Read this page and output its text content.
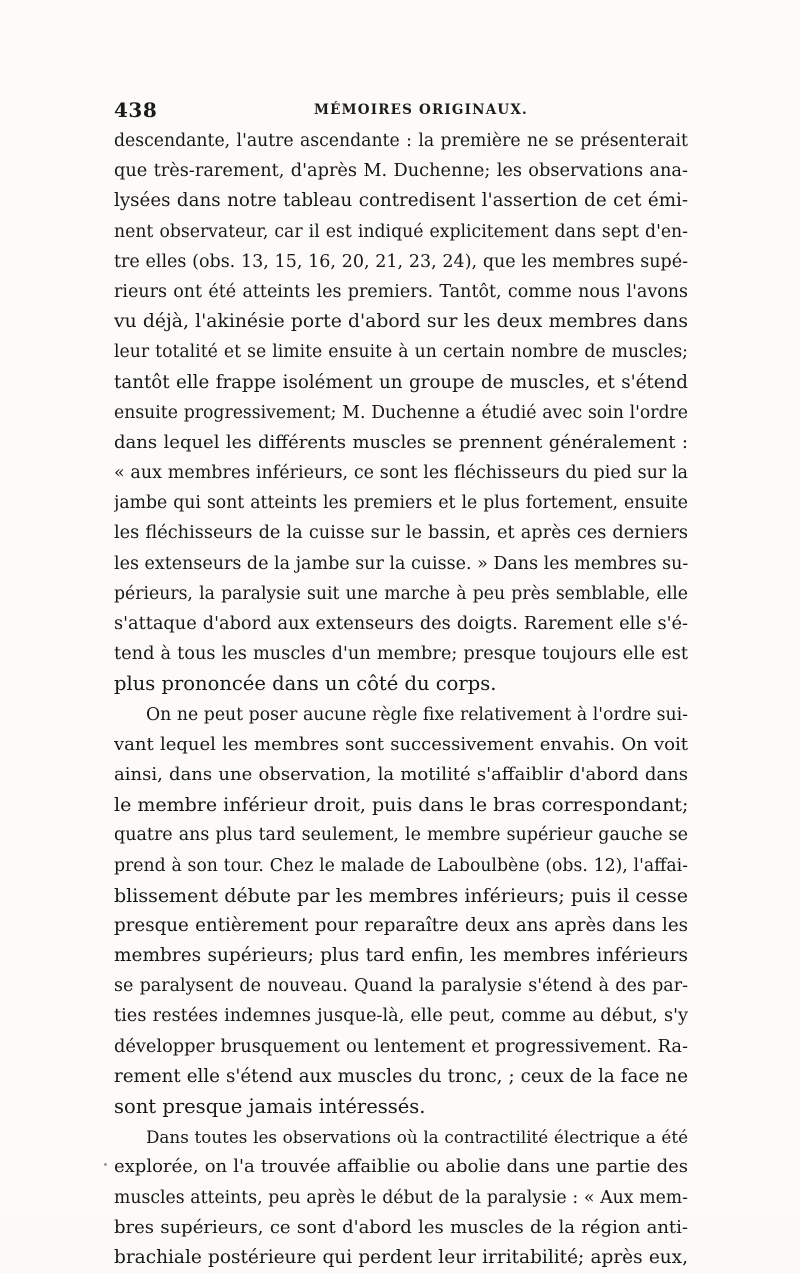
438	MÉMOIRES ORIGINAUX.
descendante, l'autre ascendante : la première ne se présenterait
que très-rarement, d'après M. Duchenne; les observations ana-
lysées dans notre tableau contredisent l'assertion de cet émi-
nent observateur, car il est indiqué explicitement dans sept d'en-
tre elles (obs. 13, 15, 16, 20, 21, 23, 24), que les membres supé-
rieurs ont été atteints les premiers. Tantôt, comme nous l'avons
vu déjà, l'akinésie porte d'abord sur les deux membres dans
leur totalité et se limite ensuite à un certain nombre de muscles;
tantôt elle frappe isolément un groupe de muscles, et s'étend
ensuite progressivement; M. Duchenne a étudié avec soin l'ordre
dans lequel les différents muscles se prennent généralement :
« aux membres inférieurs, ce sont les fléchisseurs du pied sur la
jambe qui sont atteints les premiers et le plus fortement, ensuite
les fléchisseurs de la cuisse sur le bassin, et après ces derniers
les extenseurs de la jambe sur la cuisse. » Dans les membres su-
périeurs, la paralysie suit une marche à peu près semblable, elle
s'attaque d'abord aux extenseurs des doigts. Rarement elle s'é-
tend à tous les muscles d'un membre; presque toujours elle est
plus prononcée dans un côté du corps.
On ne peut poser aucune règle fixe relativement à l'ordre sui-
vant lequel les membres sont successivement envahis. On voit
ainsi, dans une observation, la motilité s'affaiblir d'abord dans
le membre inférieur droit, puis dans le bras correspondant;
quatre ans plus tard seulement, le membre supérieur gauche se
prend à son tour. Chez le malade de Laboulbène (obs. 12), l'affai-
blissement débute par les membres inférieurs; puis il cesse
presque entièrement pour reparaître deux ans après dans les
membres supérieurs; plus tard enfin, les membres inférieurs
se paralysent de nouveau. Quand la paralysie s'étend à des par-
ties restées indemnes jusque-là, elle peut, comme au début, s'y
développer brusquement ou lentement et progressivement. Ra-
rement elle s'étend aux muscles du tronc, ; ceux de la face ne
sont presque jamais intéressés.
Dans toutes les observations où la contractilité électrique a été
explorée, on l'a trouvée affaiblie ou abolie dans une partie des
muscles atteints, peu après le début de la paralysie : « Aux mem-
bres supérieurs, ce sont d'abord les muscles de la région anti-
brachiale postérieure qui perdent leur irritabilité; après eux,
